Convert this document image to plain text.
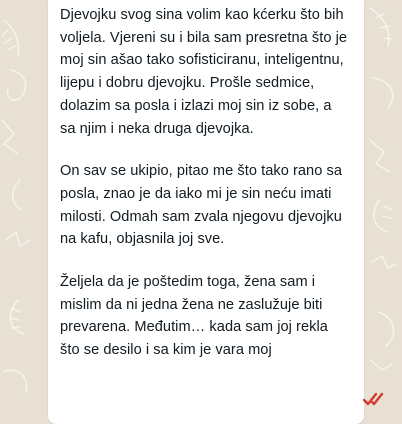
Djevojku svog sina volim kao kćerku što bih voljela. Vjereni su i bila sam presretna što je moj sin ašao tako sofisticiranu, inteligentnu, lijepu i dobru djevojku. Prošle sedmice, dolazim sa posla i izlazi moj sin iz sobe, a sa njim i neka druga djevojka.

On sav se ukipio, pitao me što tako rano sa posla, znao je da iako mi je sin neću imati milosti. Odmah sam zvala njegovu djevojku na kafu, objasnila joj sve.

Željela da je poštedim toga, žena sam i mislim da ni jedna žena ne zaslužuje biti prevarena. Međutim… kada sam joj rekla što se desilo i sa kim je vara moj
